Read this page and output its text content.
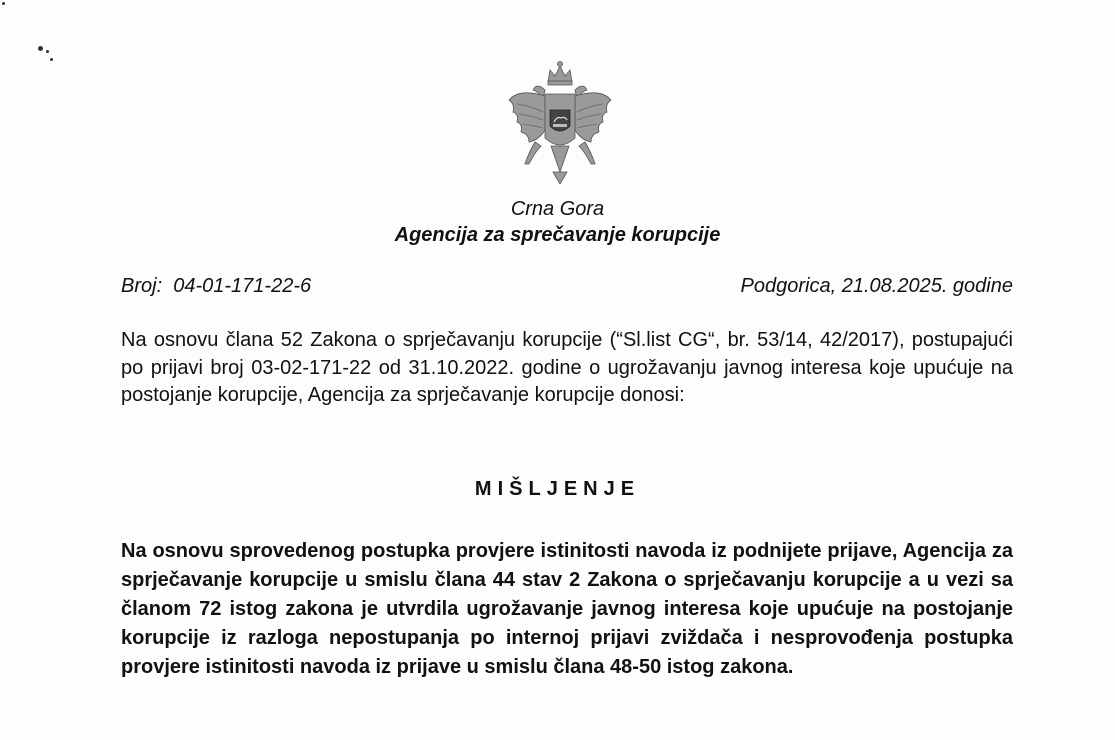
Crna Gora
Agencija za sprečavanje korupcije
Broj:  04-01-171-22-6	Podgorica, 21.08.2025. godine
Na osnovu člana 52 Zakona o sprječavanju korupcije (“Sl.list CG“, br. 53/14, 42/2017), postupajući po prijavi broj 03-02-171-22 od 31.10.2022. godine o ugrožavanju javnog interesa koje upućuje na postojanje korupcije, Agencija za sprječavanje korupcije donosi:
MIŠLJENJE
Na osnovu sprovedenog postupka provjere istinitosti navoda iz podnijete prijave, Agencija za sprječavanje korupcije u smislu člana 44 stav 2 Zakona o sprječavanju korupcije a u vezi sa članom 72 istog zakona je utvrdila ugrožavanje javnog interesa koje upućuje na postojanje korupcije iz razloga nepostupanja po internoj prijavi zviždača i nesprovođenja postupka provjere istinitosti navoda iz prijave u smislu člana 48-50 istog zakona.
